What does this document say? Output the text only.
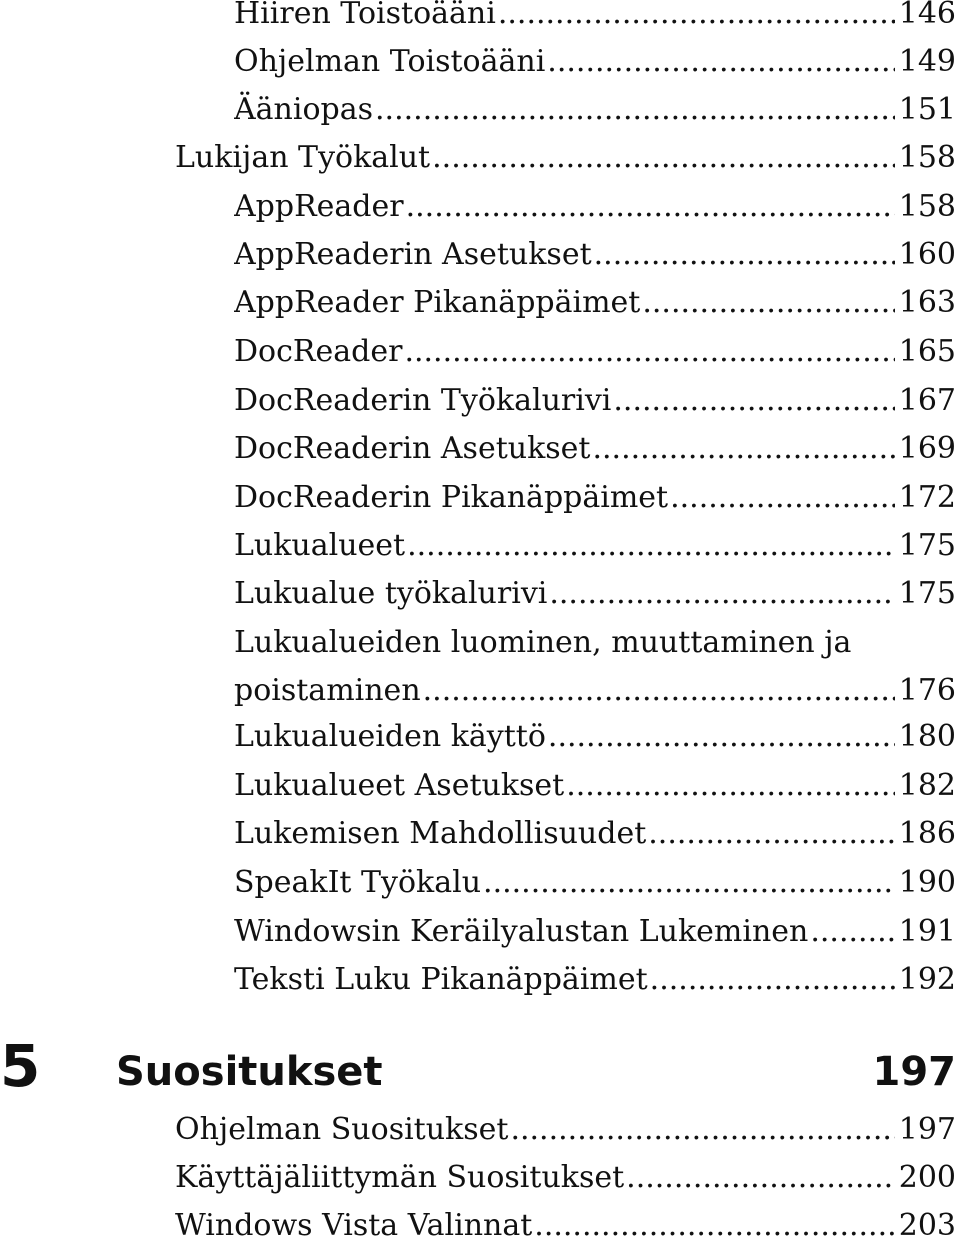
Hiiren Toistoääni .....	146
Ohjelman Toistoääni .....	149
Ääniopas .....	151
Lukijan Työkalut .....	158
AppReader .....	158
AppReaderin Asetukset .....	160
AppReader Pikanäppäimet .....	163
DocReader .....	165
DocReaderin Työkalurivi .....	167
DocReaderin Asetukset .....	169
DocReaderin Pikanäppäimet .....	172
Lukualueet .....	175
Lukualue työkalurivi .....	175
Lukualueiden luominen, muuttaminen ja
poistaminen .....	176
Lukualueiden käyttö .....	180
Lukualueet Asetukset .....	182
Lukemisen Mahdollisuudet .....	186
SpeakIt Työkalu .....	190
Windowsin Keräilyalustan Lukeminen .....	191
Teksti Luku Pikanäppäimet .....	192
5 Suositukset	197
Ohjelman Suositukset .....	197
Käyttäjäliittymän Suositukset .....	200
Windows Vista Valinnat .....	203
